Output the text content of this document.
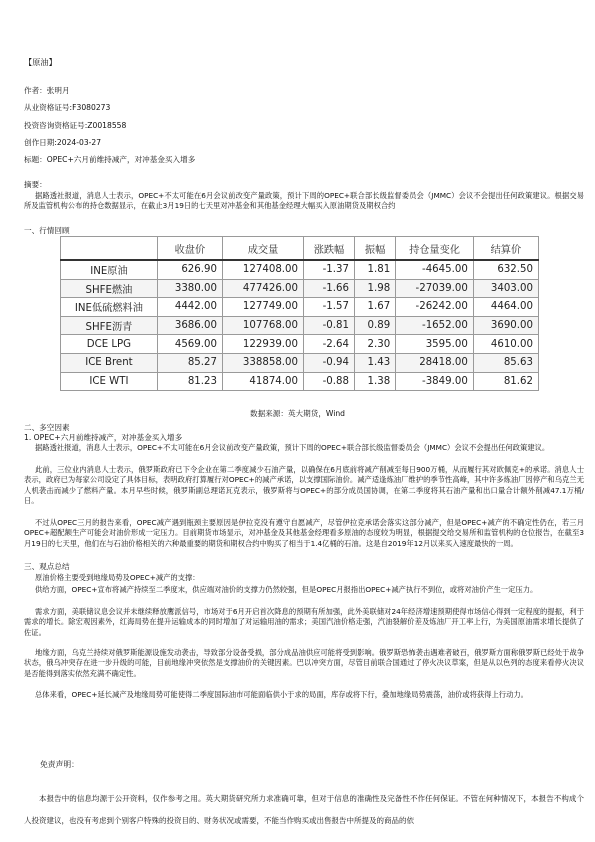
【原油】
作者：张明月
从业资格证号:F3080273
投资咨询资格证号:Z0018558
创作日期:2024-03-27
标题：OPEC+六月前维持减产，对冲基金买入增多
摘要：
据路透社报道，消息人士表示，OPEC+不太可能在6月会议前改变产量政策，预计下周的OPEC+联合部长级监督委员会（JMMC）会议不会提出任何政策建议。根据交易所及监管机构公布的持仓数据显示，在截止3月19日的七天里对冲基金和其他基金经理大幅买入原油期货及期权合约
一、行情回顾
	收盘价	成交量	涨跌幅	振幅	持仓量变化	结算价
INE原油	626.90	127408.00	-1.37	1.81	-4645.00	632.50
SHFE燃油	3380.00	477426.00	-1.66	1.98	-27039.00	3403.00
INE低硫燃料油	4442.00	127749.00	-1.57	1.67	-26242.00	4464.00
SHFE沥青	3686.00	107768.00	-0.81	0.89	-1652.00	3690.00
DCE LPG	4569.00	122939.00	-2.64	2.30	3595.00	4610.00
ICE Brent	85.27	338858.00	-0.94	1.43	28418.00	85.63
ICE WTI	81.23	41874.00	-0.88	1.38	-3849.00	81.62
数据来源：英大期货，Wind
二、多空因素
1. OPEC+六月前维持减产，对冲基金买入增多
据路透社报道，消息人士表示，OPEC+不太可能在6月会议前改变产量政策，预计下周的OPEC+联合部长级监督委员会（JMMC）会议不会提出任何政策建议。
此前，三位业内消息人士表示，俄罗斯政府已下令企业在第二季度减少石油产量，以确保在6月底前将减产削减至每日900万桶，从而履行其对欧佩克+的承诺。消息人士表示，政府已为每家公司设定了具体目标，表明政府打算履行对OPEC+的减产承诺，以支撑国际油价。减产适逢炼油厂维护的季节性高峰，其中许多炼油厂因停产和乌克兰无人机袭击而减少了燃料产量。本月早些时候，俄罗斯副总理诺瓦克表示，俄罗斯将与OPEC+的部分成员国协调，在第二季度将其石油产量和出口量合计额外削减47.1万桶/日。
不过从OPEC三月的报告来看，OPEC减产遇到瓶颈主要原因是伊拉克没有遵守自愿减产，尽管伊拉克承诺会落实这部分减产，但是OPEC+减产的不确定性仍在，若三月OPEC+超配额生产可能会对油价形成一定压力。目前期货市场显示，对冲基金及其他基金经理看多原油的态度较为明显，根据提交给交易所和监管机构的仓位报告，在截至3月19日的七天里，他们在与石油价格相关的六种最重要的期货和期权合约中购买了相当于1.4亿桶的石油。这是自2019年12月以来买入速度最快的一周。
三、观点总结
原油价格主要受到地缘局势及OPEC+减产的支撑：
供给方面，OPEC+宣布将减产持续至二季度末，供应端对油价的支撑力仍然较强，但是OPEC月报指出OPEC+减产执行不到位，或将对油价产生一定压力。
需求方面，美联储议息会议并未继续释放鹰派信号，市场对于6月开启首次降息的预期有所加强，此外美联储对24年经济增速预期使得市场信心得到一定程度的提振，利于需求的增长。除宏观因素外，红海局势在提升运输成本的同时增加了对运输用油的需求；美国汽油价格走强，汽油裂解价差及炼油厂开工率上行，为美国原油需求增长提供了佐证。
地缘方面，乌克兰持续对俄罗斯能源设施发动袭击，导致部分设备受损，部分成品油供应可能将受到影响。俄罗斯恐怖袭击遇难者破百，俄罗斯方面称俄罗斯已经处于战争状态，俄乌冲突存在进一步升级的可能，目前地缘冲突依然是支撑油价的关键因素。巴以冲突方面，尽管目前联合国通过了停火决议草案，但是从以色列的态度来看停火决议是否能得到落实依然充满不确定性。
总体来看，OPEC+延长减产及地缘局势可能使得二季度国际油市可能面临供小于求的局面，库存或将下行，叠加地缘局势震荡，油价或将获得上行动力。
免责声明：
本报告中的信息均源于公开资料，仅作参考之用。英大期货研究所力求准确可靠，但对于信息的准确性及完备性不作任何保证。不管在何种情况下，本报告不构成个人投资建议，也没有考虑到个别客户特殊的投资目的、财务状况或需要，不能当作购买或出售报告中所提及的商品的依
